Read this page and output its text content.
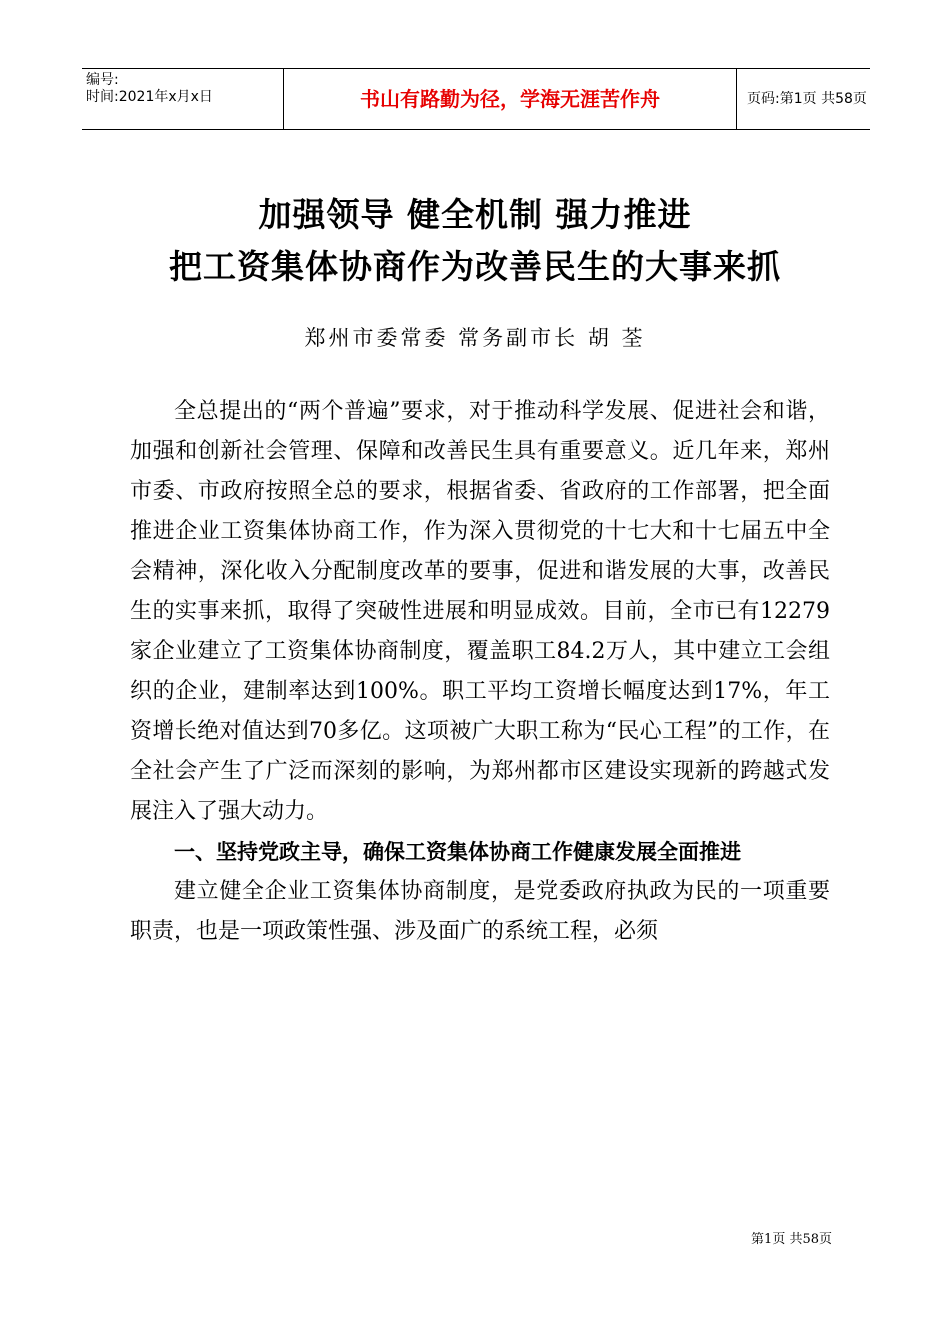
编号:
时间:2021年x月x日	书山有路勤为径，学海无涯苦作舟	页码:第1页 共58页
加强领导 健全机制 强力推进
把工资集体协商作为改善民生的大事来抓
郑州市委常委 常务副市长 胡 荃

全总提出的“两个普遍”要求，对于推动科学发展、促进社会和谐，加强和创新社会管理、保障和改善民生具有重要意义。近几年来，郑州市委、市政府按照全总的要求，根据省委、省政府的工作部署，把全面推进企业工资集体协商工作，作为深入贯彻党的十七大和十七届五中全会精神，深化收入分配制度改革的要事，促进和谐发展的大事，改善民生的实事来抓，取得了突破性进展和明显成效。目前，全市已有12279家企业建立了工资集体协商制度，覆盖职工84.2万人，其中建立工会组织的企业，建制率达到100%。职工平均工资增长幅度达到17%，年工资增长绝对值达到70多亿。这项被广大职工称为“民心工程”的工作，在全社会产生了广泛而深刻的影响，为郑州都市区建设实现新的跨越式发展注入了强大动力。

一、坚持党政主导，确保工资集体协商工作健康发展全面推进

建立健全企业工资集体协商制度，是党委政府执政为民的一项重要职责，也是一项政策性强、涉及面广的系统工程，必须

第1页 共58页
